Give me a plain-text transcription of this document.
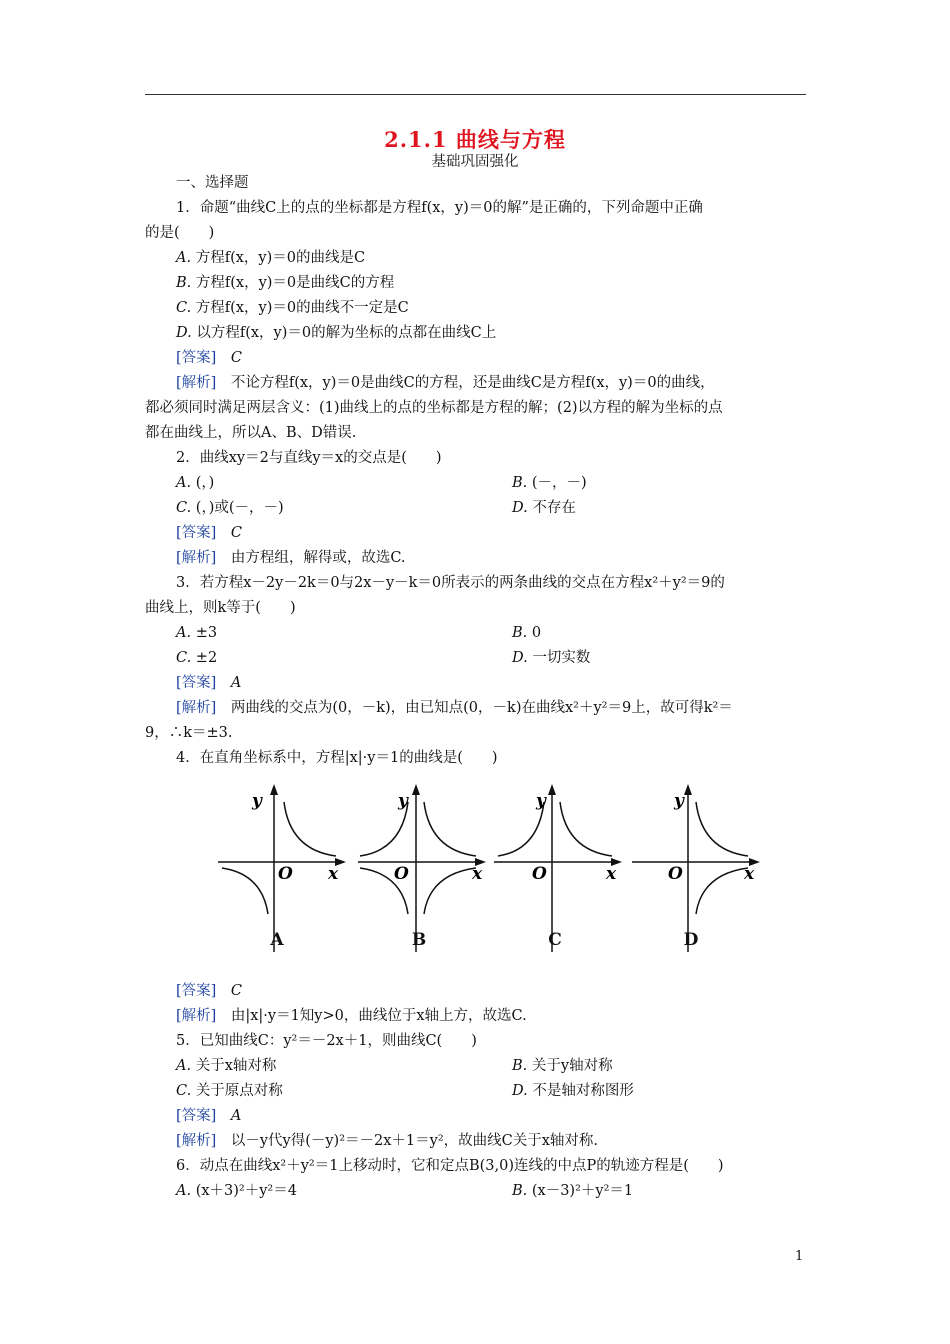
2.1.1 曲线与方程
基础巩固强化
一、选择题
1．命题“曲线C上的点的坐标都是方程f(x，y)＝0的解”是正确的，下列命题中正确
的是(　　)
A. 方程f(x，y)＝0的曲线是C
B. 方程f(x，y)＝0是曲线C的方程
C. 方程f(x，y)＝0的曲线不一定是C
D. 以方程f(x，y)＝0的解为坐标的点都在曲线C上
[答案]　 C
[解析]　 不论方程f(x，y)＝0是曲线C的方程，还是曲线C是方程f(x，y)＝0的曲线，
都必须同时满足两层含义：(1)曲线上的点的坐标都是方程的解；(2)以方程的解为坐标的点
都在曲线上，所以A、B、D错误.
2．曲线xy＝2与直线y＝x的交点是(　　)
A. (，)	B. (－，－)
C. (，)或(－，－)	D. 不存在
[答案]　 C
[解析]　 由方程组，解得或，故选C.
3．若方程x－2y－2k＝0与2x－y－k＝0所表示的两条曲线的交点在方程x²＋y²＝9的
曲线上，则k等于(　　)
A. ±3	B. 0
C. ±2	D. 一切实数
[答案]　 A
[解析]　 两曲线的交点为(0，－k)，由已知点(0，－k)在曲线x²＋y²＝9上，故可得k²＝
9，∴k＝±3.
4．在直角坐标系中，方程|x|·y＝1的曲线是(　　)
y
x
O
A
y
x
O
B
y
x
O
C
y
x
O
D
[答案]　 C
[解析]　 由|x|·y＝1知y>0，曲线位于x轴上方，故选C.
5．已知曲线C：y²＝－2x＋1，则曲线C(　　)
A. 关于x轴对称	B. 关于y轴对称
C. 关于原点对称	D. 不是轴对称图形
[答案]　 A
[解析]　 以－y代y得(－y)²＝－2x＋1＝y²，故曲线C关于x轴对称.
6．动点在曲线x²＋y²＝1上移动时，它和定点B(3,0)连线的中点P的轨迹方程是(　　)
A. (x＋3)²＋y²＝4	B. (x－3)²＋y²＝1
1
